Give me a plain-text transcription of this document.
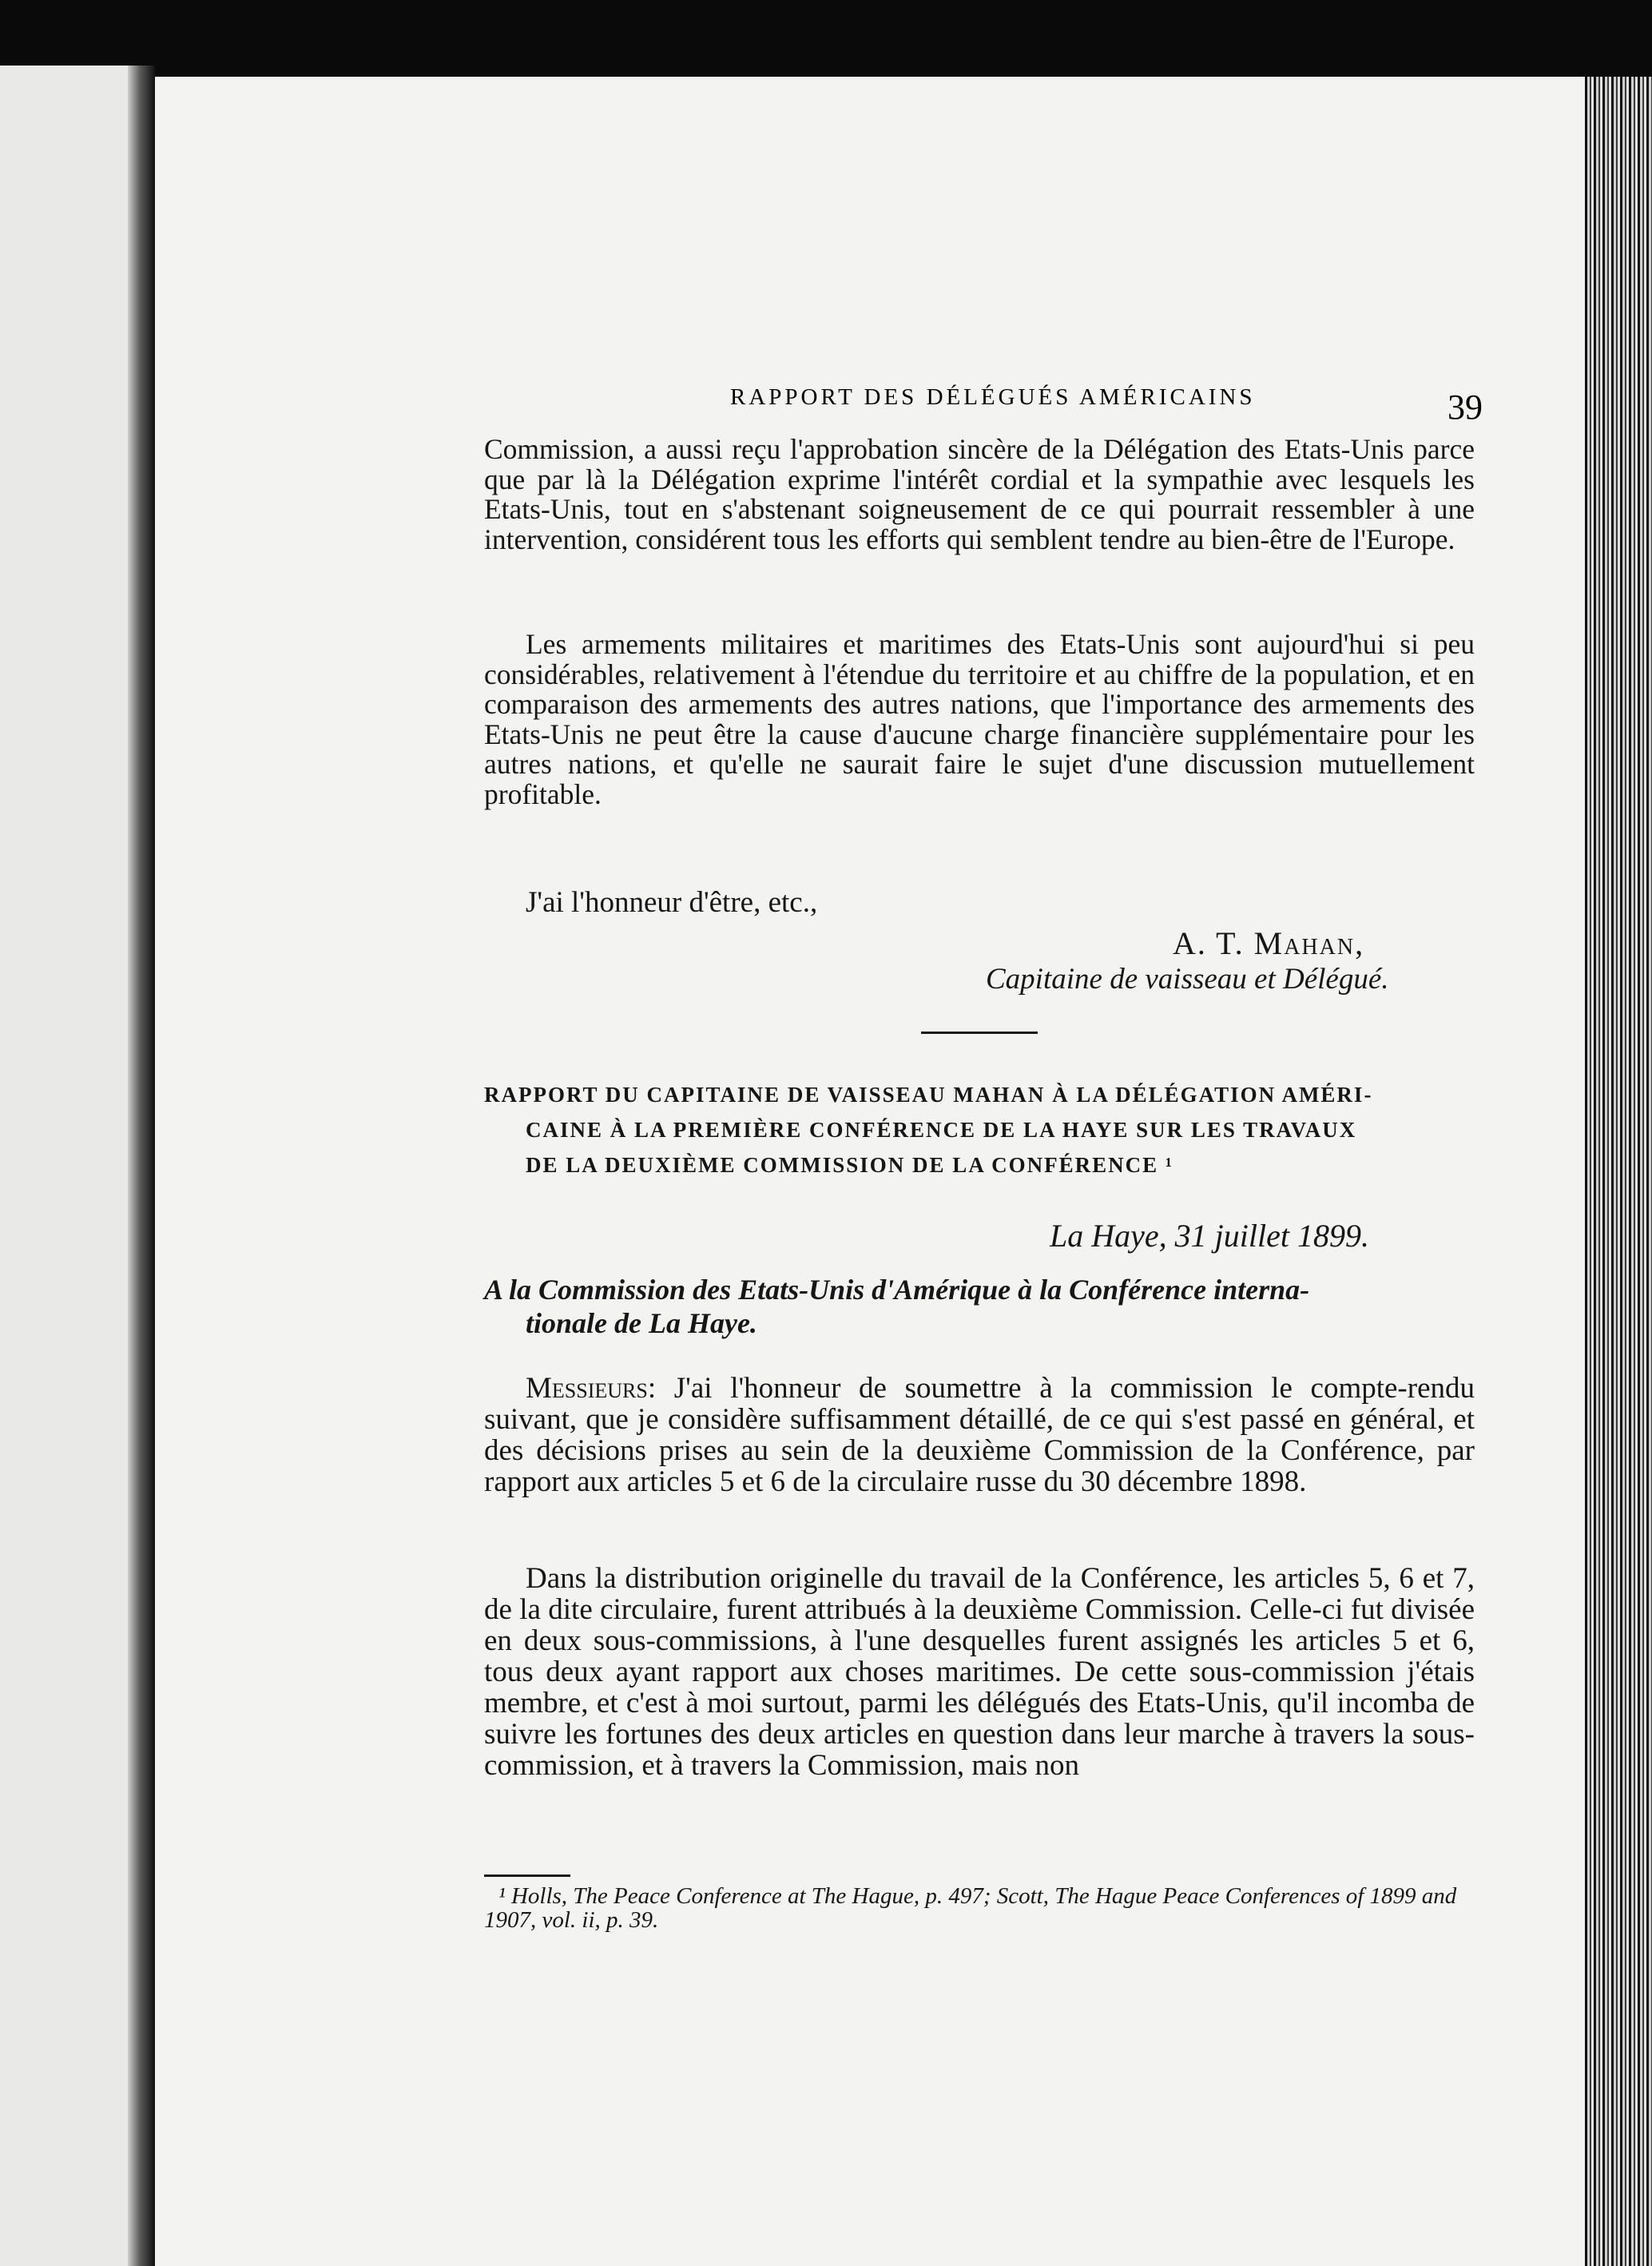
RAPPORT DES DÉLÉGUÉS AMÉRICAINS	39

Commission, a aussi reçu l'approbation sincère de la Délégation des Etats-Unis parce que par là la Délégation exprime l'intérêt cordial et la sympathie avec lesquels les Etats-Unis, tout en s'abstenant soigneusement de ce qui pourrait ressembler à une intervention, considérent tous les efforts qui semblent tendre au bien-être de l'Europe.

Les armements militaires et maritimes des Etats-Unis sont aujourd'hui si peu considérables, relativement à l'étendue du territoire et au chiffre de la population, et en comparaison des armements des autres nations, que l'importance des armements des Etats-Unis ne peut être la cause d'aucune charge financière supplémentaire pour les autres nations, et qu'elle ne saurait faire le sujet d'une discussion mutuellement profitable.

J'ai l'honneur d'être, etc.,
A. T. Mahan,
Capitaine de vaisseau et Délégué.
RAPPORT DU CAPITAINE DE VAISSEAU MAHAN À LA DÉLÉGATION AMÉRI-
CAINE À LA PREMIÈRE CONFÉRENCE DE LA HAYE SUR LES TRAVAUX
DE LA DEUXIÈME COMMISSION DE LA CONFÉRENCE ¹
La Haye, 31 juillet 1899.
A la Commission des Etats-Unis d'Amérique à la Conférence interna-
tionale de La Haye.

Messieurs: J'ai l'honneur de soumettre à la commission le compte-rendu suivant, que je considère suffisamment détaillé, de ce qui s'est passé en général, et des décisions prises au sein de la deuxième Commission de la Conférence, par rapport aux articles 5 et 6 de la circulaire russe du 30 décembre 1898.

Dans la distribution originelle du travail de la Conférence, les articles 5, 6 et 7, de la dite circulaire, furent attribués à la deuxième Commission. Celle-ci fut divisée en deux sous-commissions, à l'une desquelles furent assignés les articles 5 et 6, tous deux ayant rapport aux choses maritimes. De cette sous-commission j'étais membre, et c'est à moi surtout, parmi les délégués des Etats-Unis, qu'il incomba de suivre les fortunes des deux articles en question dans leur marche à travers la sous-commission, et à travers la Commission, mais non

¹ Holls, The Peace Conference at The Hague, p. 497; Scott, The Hague Peace Conferences of 1899 and 1907, vol. ii, p. 39.
